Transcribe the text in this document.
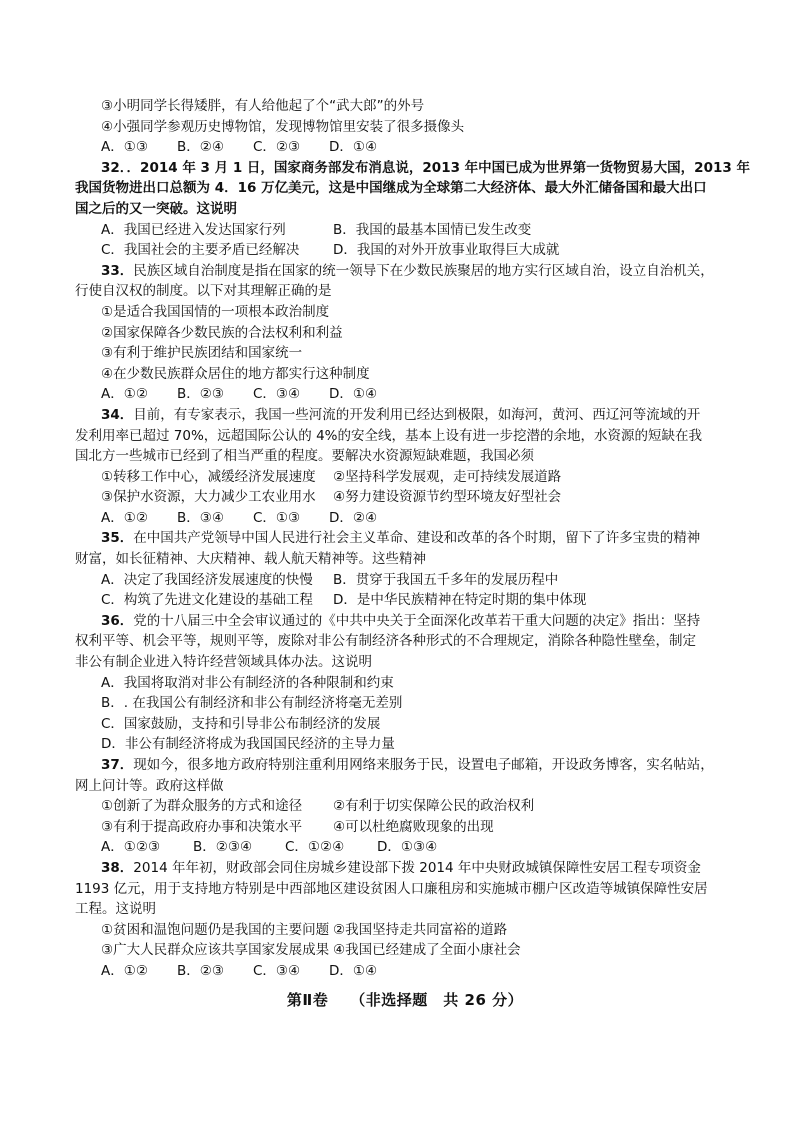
③小明同学长得矮胖，有人给他起了个“武大郎”的外号

④小强同学参观历史博物馆，发现博物馆里安装了很多摄像头

A．①③	B．②④	C．②③	D．①④

32．．2014 年 3 月 1 日，国家商务部发布消息说，2013 年中国已成为世界第一货物贸易大国，2013 年

我国货物进出口总额为 4．16 万亿美元，这是中国继成为全球第二大经济体、最大外汇储备国和最大出口

国之后的又一突破。这说明

A．我国已经进入发达国家行列	B．我国的最基本国情已发生改变
C．我国社会的主要矛盾已经解决	D．我国的对外开放事业取得巨大成就

33．民族区域自治制度是指在国家的统一领导下在少数民族聚居的地方实行区域自治，设立自治机关，

行使自汉权的制度。以下对其理解正确的是

①是适合我国国情的一项根本政治制度

②国家保障各少数民族的合法权利和利益

③有利于维护民族团结和国家统一

④在少数民族群众居住的地方都实行这种制度

A．①②	B．②③	C．③④	D．①④

34．目前，有专家表示，我国一些河流的开发利用已经达到极限，如海河，黄河、西辽河等流域的开

发利用率已超过 70%，远超国际公认的 4%的安全线，基本上设有进一步挖潜的余地，水资源的短缺在我

国北方一些城市已经到了相当严重的程度。要解决水资源短缺难题，我国必须

①转移工作中心，减缓经济发展速度	②坚持科学发展观，走可持续发展道路
③保护水资源，大力减少工农业用水	④努力建设资源节约型环境友好型社会
A．①②	B．③④	C．①③	D．②④

35．在中国共产党领导中国人民进行社会主义革命、建设和改革的各个时期，留下了许多宝贵的精神

财富，如长征精神、大庆精神、载人航天精神等。这些精神

A．决定了我国经济发展速度的快慢	B．贯穿于我国五千多年的发展历程中
C．构筑了先进文化建设的基础工程	D．是中华民族精神在特定时期的集中体现

36．党的十八届三中全会审议通过的《中共中央关于全面深化改革若干重大问题的决定》指出：坚持

权利平等、机会平等，规则平等，废除对非公有制经济各种形式的不合理规定，消除各种隐性壁垒，制定

非公有制企业进入特许经营领域具体办法。这说明

A．我国将取消对非公有制经济的各种限制和约束

B．. 在我国公有制经济和非公有制经济将毫无差别

C．国家鼓励，支持和引导非公布制经济的发展

D．非公有制经济将成为我国国民经济的主导力量

37．现如今，很多地方政府特别注重利用网络来服务于民，设置电子邮箱，开设政务博客，实名帖站，

网上问计等。政府这样做

①创新了为群众服务的方式和途径	②有利于切实保障公民的政治权利
③有利于提高政府办事和决策水平	④可以杜绝腐败现象的出现
A．①②③	B．②③④	C．①②④	D．①③④

38．2014 年年初，财政部会同住房城乡建设部下拨 2014 年中央财政城镇保障性安居工程专项资金

1193 亿元，用于支持地方特别是中西部地区建设贫困人口廉租房和实施城市棚户区改造等城镇保障性安居

工程。这说明

①贫困和温饱问题仍是我国的主要问题 ②我国坚持走共同富裕的道路
③广大人民群众应该共享国家发展成果 ④我国已经建成了全面小康社会
A．①②	B．②③	C．③④	D．①④
第Ⅱ卷 （非选择题　共 26 分）
